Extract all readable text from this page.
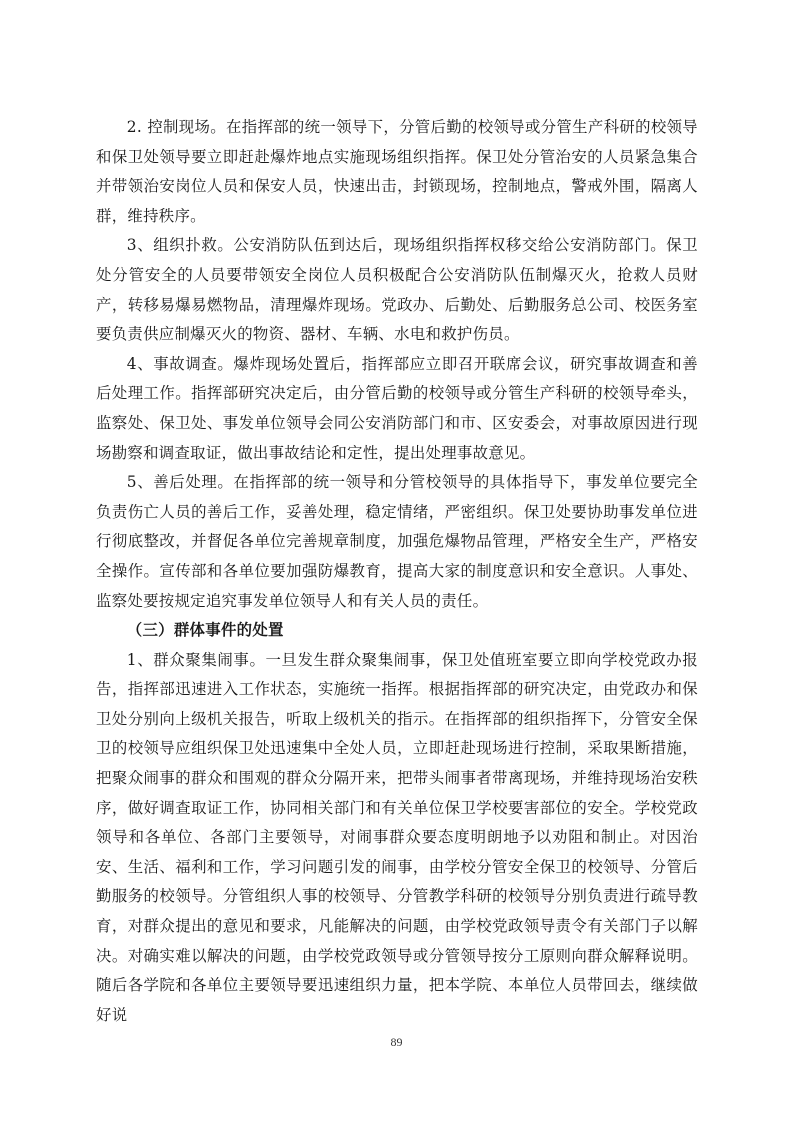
2. 控制现场。在指挥部的统一领导下，分管后勤的校领导或分管生产科研的校领导和保卫处领导要立即赶赴爆炸地点实施现场组织指挥。保卫处分管治安的人员紧急集合并带领治安岗位人员和保安人员，快速出击，封锁现场，控制地点，警戒外围，隔离人群，维持秩序。

3、组织扑救。公安消防队伍到达后，现场组织指挥权移交给公安消防部门。保卫处分管安全的人员要带领安全岗位人员积极配合公安消防队伍制爆灭火，抢救人员财产，转移易爆易燃物品，清理爆炸现场。党政办、后勤处、后勤服务总公司、校医务室要负责供应制爆灭火的物资、器材、车辆、水电和救护伤员。

4、事故调查。爆炸现场处置后，指挥部应立即召开联席会议，研究事故调查和善后处理工作。指挥部研究决定后，由分管后勤的校领导或分管生产科研的校领导牵头，监察处、保卫处、事发单位领导会同公安消防部门和市、区安委会，对事故原因进行现场勘察和调查取证，做出事故结论和定性，提出处理事故意见。

5、善后处理。在指挥部的统一领导和分管校领导的具体指导下，事发单位要完全负责伤亡人员的善后工作，妥善处理，稳定情绪，严密组织。保卫处要协助事发单位进行彻底整改，并督促各单位完善规章制度，加强危爆物品管理，严格安全生产，严格安全操作。宣传部和各单位要加强防爆教育，提高大家的制度意识和安全意识。人事处、监察处要按规定追究事发单位领导人和有关人员的责任。

（三）群体事件的处置

1、群众聚集闹事。一旦发生群众聚集闹事，保卫处值班室要立即向学校党政办报告，指挥部迅速进入工作状态，实施统一指挥。根据指挥部的研究决定，由党政办和保卫处分别向上级机关报告，听取上级机关的指示。在指挥部的组织指挥下，分管安全保卫的校领导应组织保卫处迅速集中全处人员，立即赶赴现场进行控制，采取果断措施，把聚众闹事的群众和围观的群众分隔开来，把带头闹事者带离现场，并维持现场治安秩序，做好调查取证工作，协同相关部门和有关单位保卫学校要害部位的安全。学校党政领导和各单位、各部门主要领导，对闹事群众要态度明朗地予以劝阻和制止。对因治安、生活、福利和工作，学习问题引发的闹事，由学校分管安全保卫的校领导、分管后勤服务的校领导。分管组织人事的校领导、分管教学科研的校领导分别负责进行疏导教育，对群众提出的意见和要求，凡能解决的问题，由学校党政领导责令有关部门子以解决。对确实难以解决的问题，由学校党政领导或分管领导按分工原则向群众解释说明。随后各学院和各单位主要领导要迅速组织力量，把本学院、本单位人员带回去，继续做好说

89
